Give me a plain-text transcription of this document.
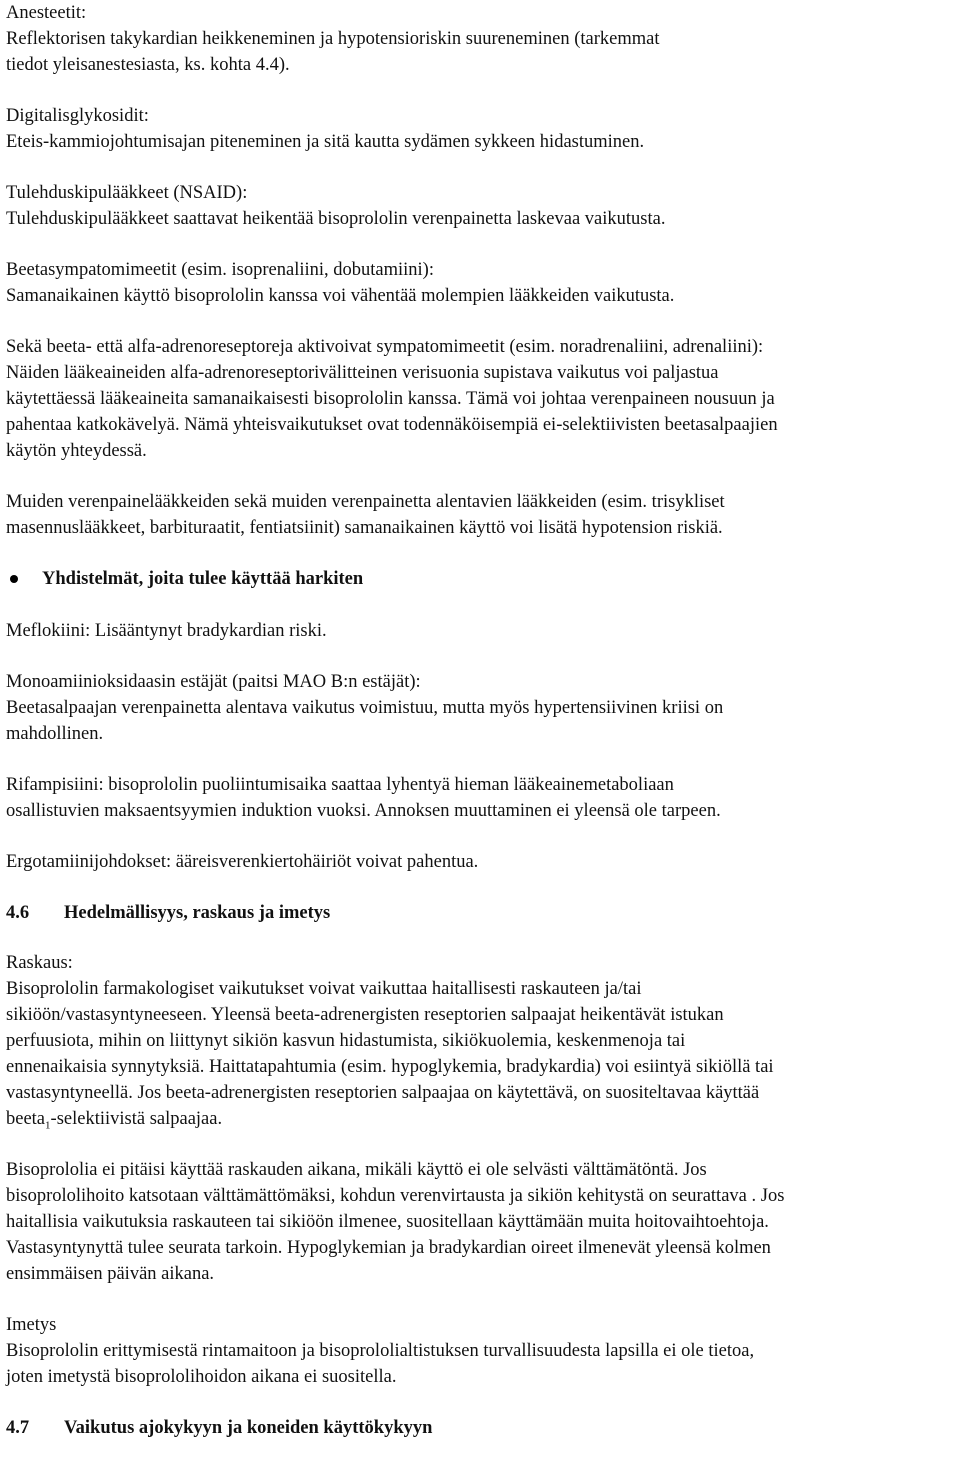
Anesteetit:
Reflektorisen takykardian heikkeneminen ja hypotensioriskin suureneminen (tarkemmat
tiedot yleisanestesiasta, ks. kohta 4.4).
Digitalisglykosidit:
Eteis-kammiojohtumisajan piteneminen ja sitä kautta sydämen sykkeen hidastuminen.
Tulehduskipulääkkeet (NSAID):
Tulehduskipulääkkeet saattavat heikentää bisoprololin verenpainetta laskevaa vaikutusta.
Beetasympatomimeetit (esim. isoprenaliini, dobutamiini):
Samanaikainen käyttö bisoprololin kanssa voi vähentää molempien lääkkeiden vaikutusta.
Sekä beeta- että alfa-adrenoreseptoreja aktivoivat sympatomimeetit (esim. noradrenaliini, adrenaliini):
Näiden lääkeaineiden alfa-adrenoreseptorivälitteinen verisuonia supistava vaikutus voi paljastua
käytettäessä lääkeaineita samanaikaisesti bisoprololin kanssa. Tämä voi johtaa verenpaineen nousuun ja
pahentaa katkokävelyä. Nämä yhteisvaikutukset ovat todennäköisempiä ei-selektiivisten beetasalpaajien
käytön yhteydessä.
Muiden verenpainelääkkeiden sekä muiden verenpainetta alentavien lääkkeiden (esim. trisykliset
masennuslääkkeet, barbituraatit, fentiatsiinit) samanaikainen käyttö voi lisätä hypotension riskiä.
Yhdistelmät, joita tulee käyttää harkiten
Meflokiini: Lisääntynyt bradykardian riski.
Monoamiinioksidaasin estäjät (paitsi MAO B:n estäjät):
Beetasalpaajan verenpainetta alentava vaikutus voimistuu, mutta myös hypertensiivinen kriisi on
mahdollinen.
Rifampisiini: bisoprololin puoliintumisaika saattaa lyhentyä hieman lääkeainemetaboliaan
osallistuvien maksaentsyymien induktion vuoksi. Annoksen muuttaminen ei yleensä ole tarpeen.
Ergotamiinijohdokset: ääreisverenkiertohäiriöt voivat pahentua.
4.6	Hedelmällisyys, raskaus ja imetys
Raskaus:
Bisoprololin farmakologiset vaikutukset voivat vaikuttaa haitallisesti raskauteen ja/tai
sikiöön/vastasyntyneeseen. Yleensä beeta-adrenergisten reseptorien salpaajat heikentävät istukan
perfuusiota, mihin on liittynyt sikiön kasvun hidastumista, sikiökuolemia, keskenmenoja tai
ennenaikaisia synnytyksiä. Haittatapahtumia (esim. hypoglykemia, bradykardia) voi esiintyä sikiöllä tai
vastasyntyneellä. Jos beeta-adrenergisten reseptorien salpaajaa on käytettävä, on suositeltavaa käyttää
beeta$_1$-selektiivistä salpaajaa.
Bisoprololia ei pitäisi käyttää raskauden aikana, mikäli käyttö ei ole selvästi välttämätöntä. Jos
bisoprololihoito katsotaan välttämättömäksi, kohdun verenvirtausta ja sikiön kehitystä on seurattava . Jos
haitallisia vaikutuksia raskauteen tai sikiöön ilmenee, suositellaan käyttämään muita hoitovaihtoehtoja.
Vastasyntynyttä tulee seurata tarkoin. Hypoglykemian ja bradykardian oireet ilmenevät yleensä kolmen
ensimmäisen päivän aikana.
Imetys
Bisoprololin erittymisestä rintamaitoon ja bisoprololialtistuksen turvallisuudesta lapsilla ei ole tietoa,
joten imetystä bisoprololihoidon aikana ei suositella.
4.7	Vaikutus ajokykyyn ja koneiden käyttökykyyn
